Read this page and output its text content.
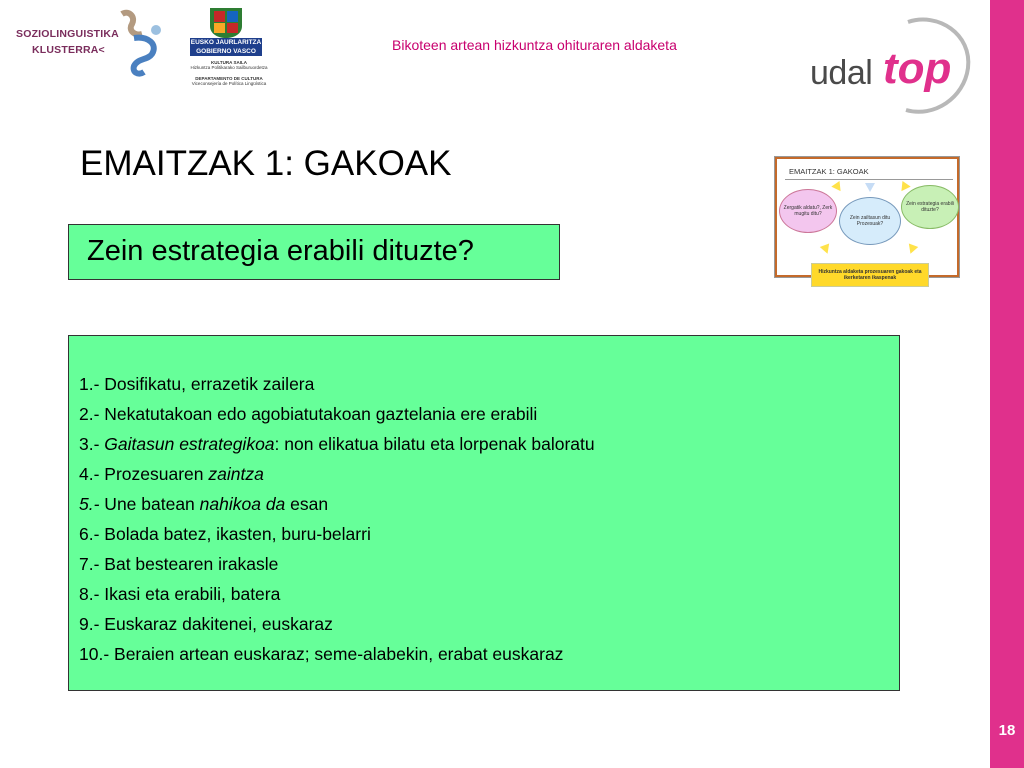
18
Bikoteen artean hizkuntza ohituraren aldaketa
SOZIOLINGUISTIKA
KLUSTERRA<
EUSKO JAURLARITZA
GOBIERNO VASCO
KULTURA SAILA
Hizkuntza Politikarako Sailburuordetza
DEPARTAMENTO DE CULTURA
Viceconsejería de Política Lingüística	udal top
EMAITZAK 1: GAKOAK
Zein estrategia erabili dituzte?
EMAITZAK 1: GAKOAK
Zergatik aldatu?, Zerk mugitu ditu?
Zein zailtasun ditu Prozesuak?
Zein estrategia erabili dituzte?
Hizkuntza aldaketa prozesuaren gakoak eta ikerketaren ikaspenak
1.- Dosifikatu, errazetik zailera
2.- Nekatutakoan edo agobiatutakoan gaztelania ere erabili
3.- Gaitasun estrategikoa: non elikatua bilatu eta lorpenak baloratu
4.- Prozesuaren zaintza
5.- Une batean nahikoa da esan
6.- Bolada batez, ikasten, buru-belarri
7.- Bat bestearen irakasle
8.- Ikasi eta erabili, batera
9.- Euskaraz dakitenei, euskaraz
10.- Beraien artean euskaraz; seme-alabekin, erabat euskaraz
